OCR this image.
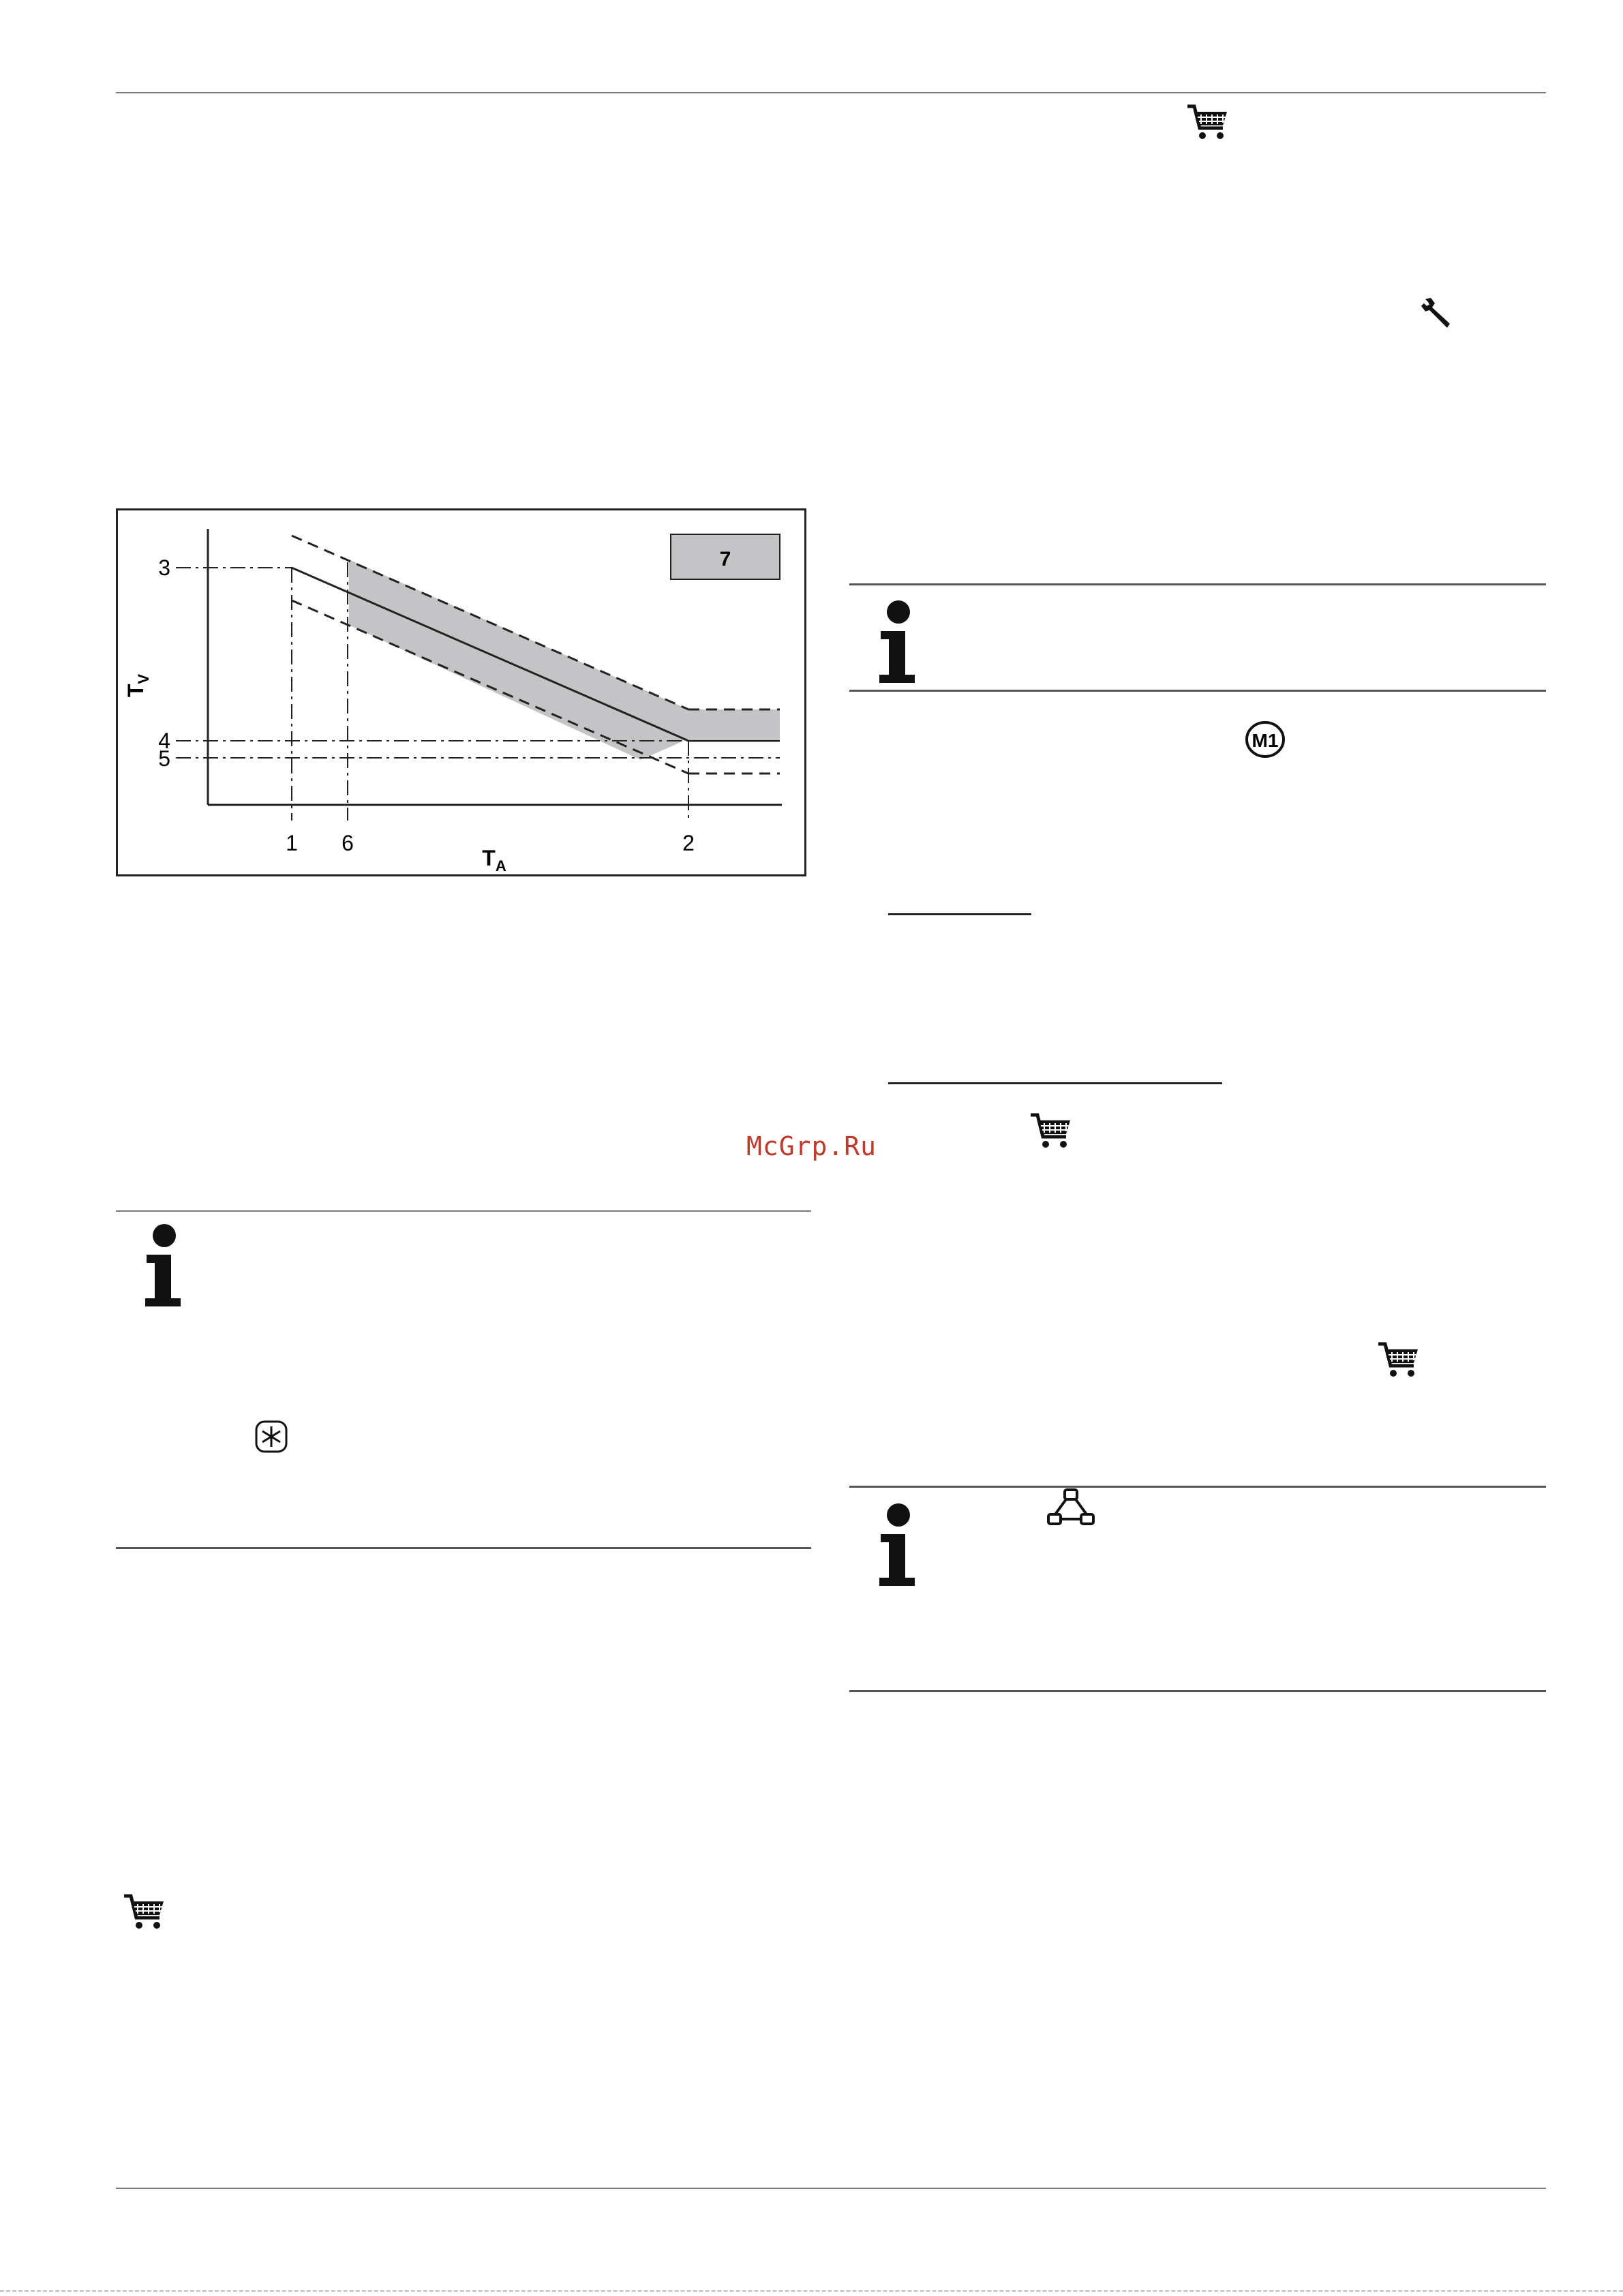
7
3
4
5
1 6	2
$T_V$
$T_A$
McGrp.Ru
M1
